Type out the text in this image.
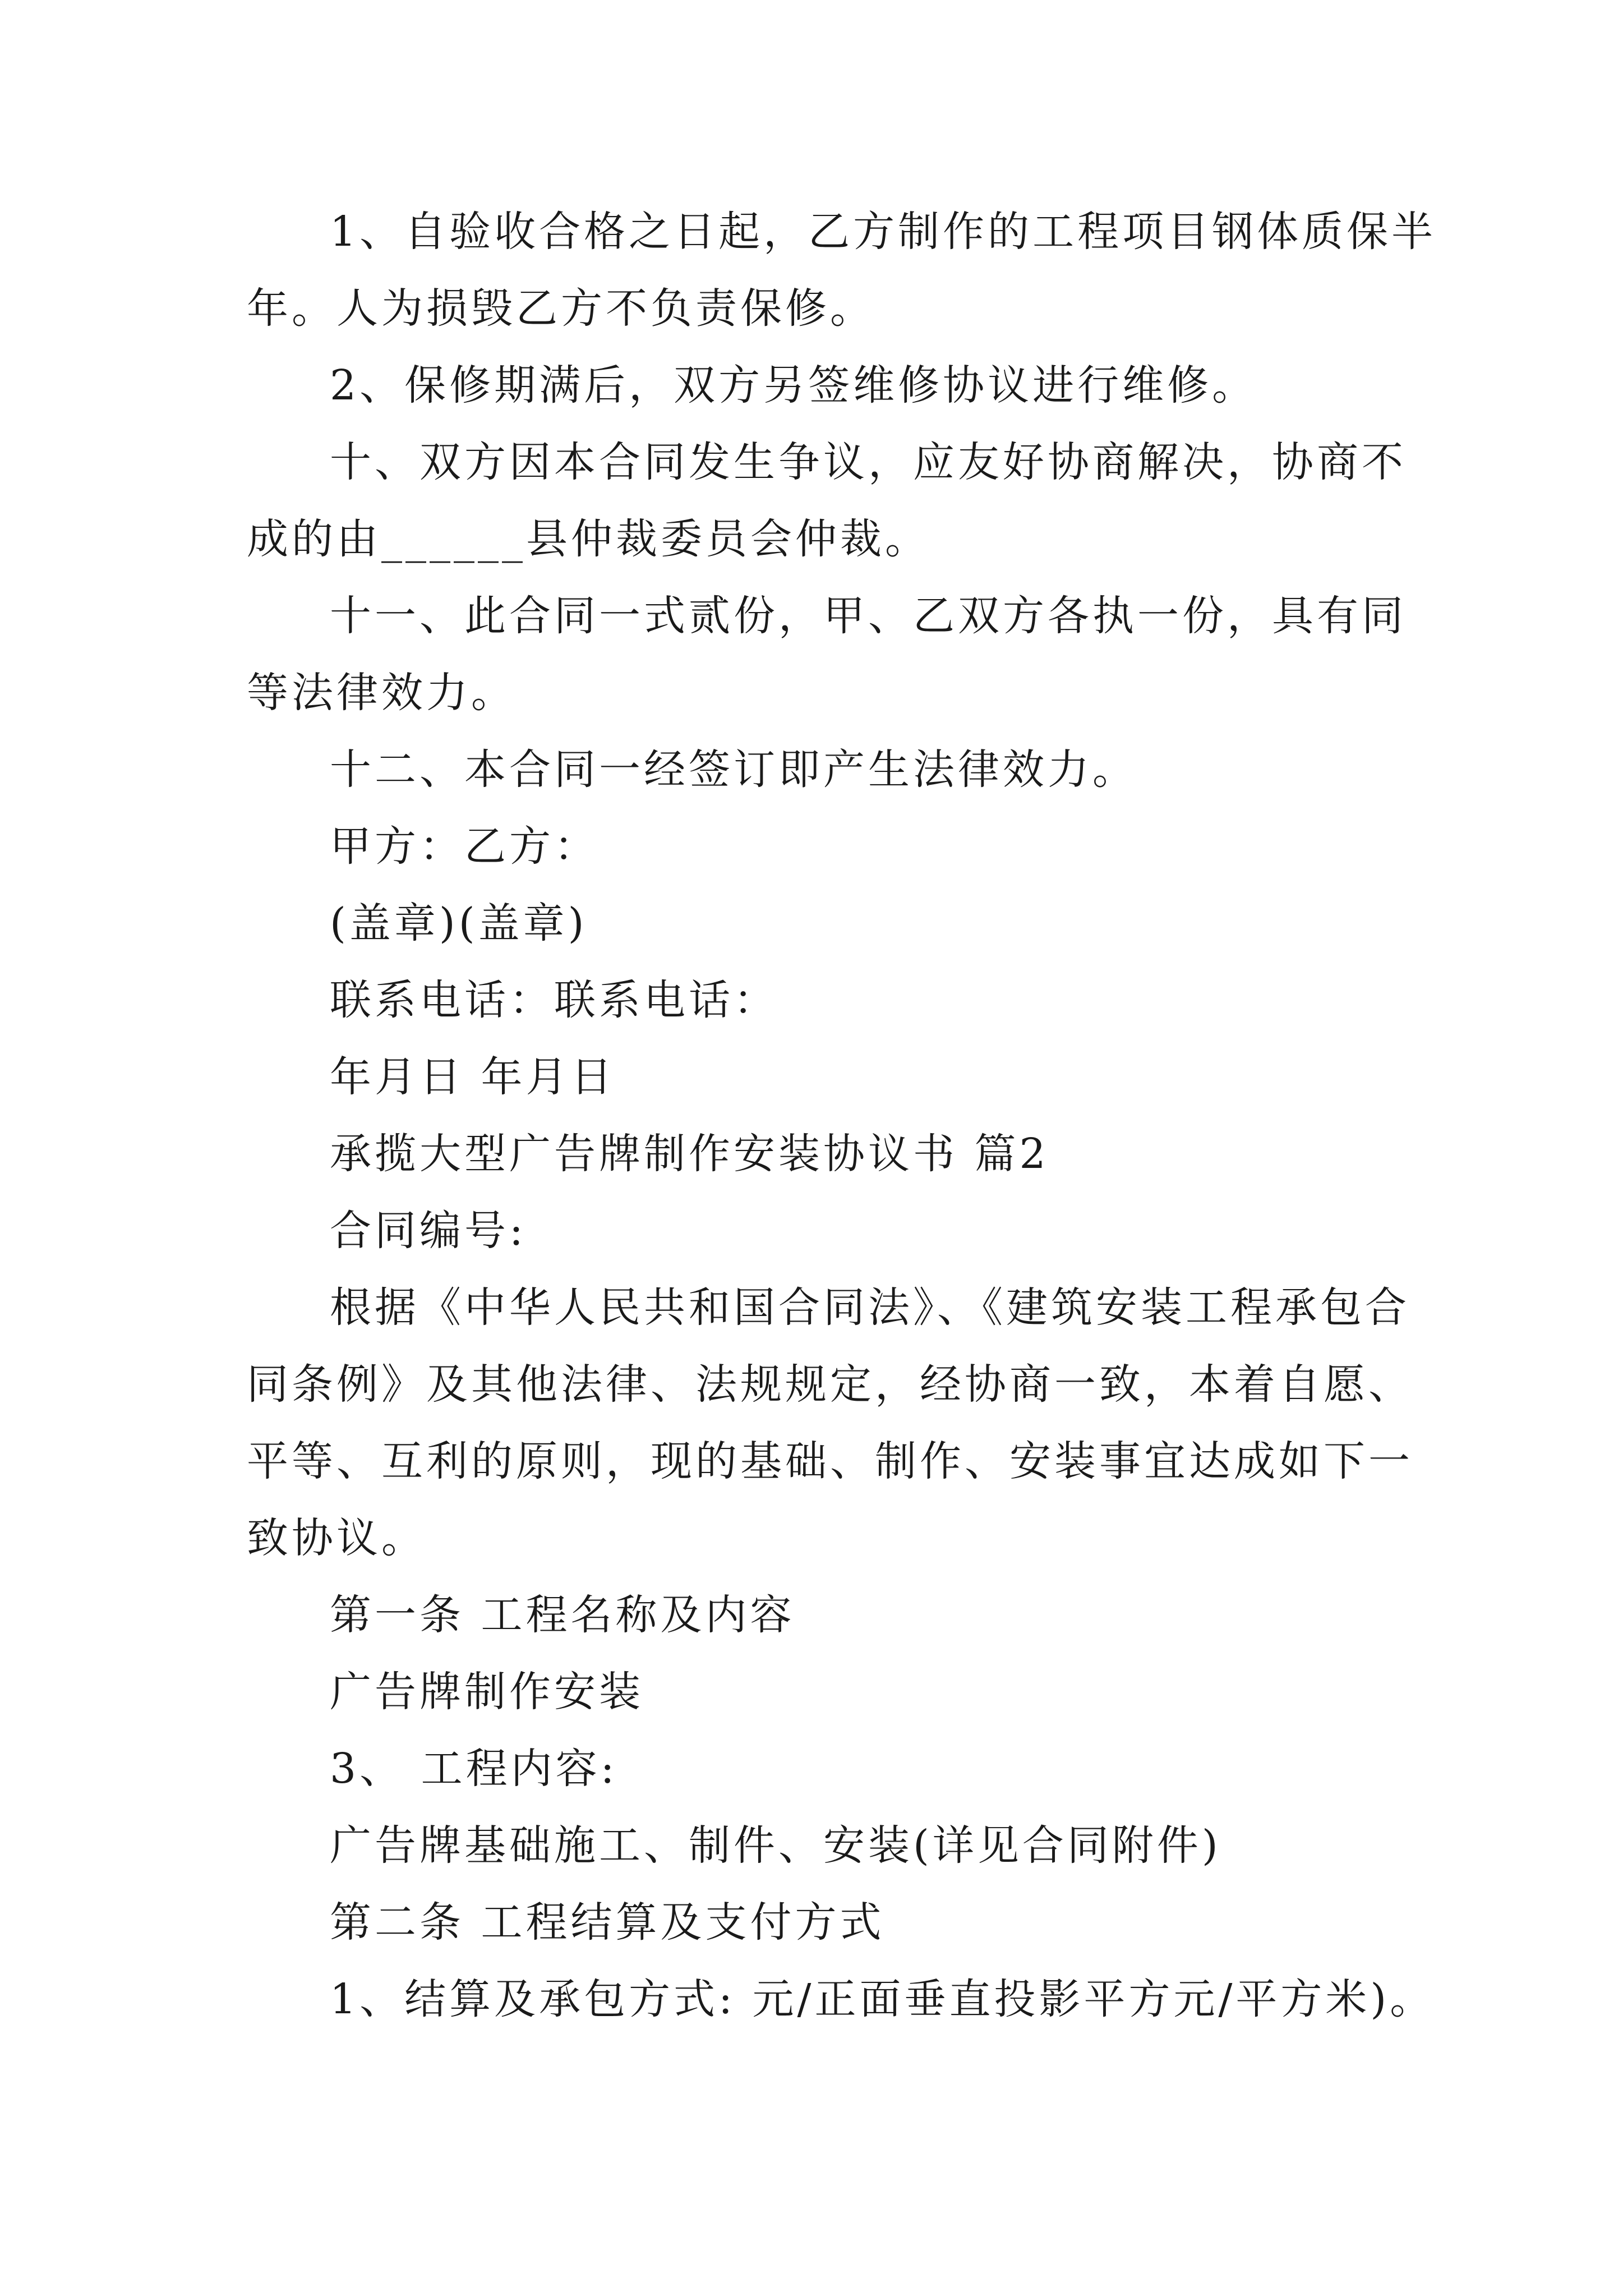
1、自验收合格之日起，乙方制作的工程项目钢体质保半年。人为损毁乙方不负责保修。

2、保修期满后，双方另签维修协议进行维修。

十、双方因本合同发生争议，应友好协商解决，协商不成的由______县仲裁委员会仲裁。

十一、此合同一式贰份，甲、乙双方各执一份，具有同等法律效力。

十二、本合同一经签订即产生法律效力。

甲方：乙方：

(盖章)(盖章)

联系电话：联系电话：

年月日 年月日

承揽大型广告牌制作安装协议书 篇2

合同编号:

根据《中华人民共和国合同法》、《建筑安装工程承包合同条例》及其他法律、法规规定，经协商一致，本着自愿、平等、互利的原则，现的基础、制作、安装事宜达成如下一致协议。

第一条 工程名称及内容

广告牌制作安装

3、 工程内容:

广告牌基础施工、制件、安装(详见合同附件)

第二条 工程结算及支付方式

1、结算及承包方式: 元/正面垂直投影平方元/平方米)。
